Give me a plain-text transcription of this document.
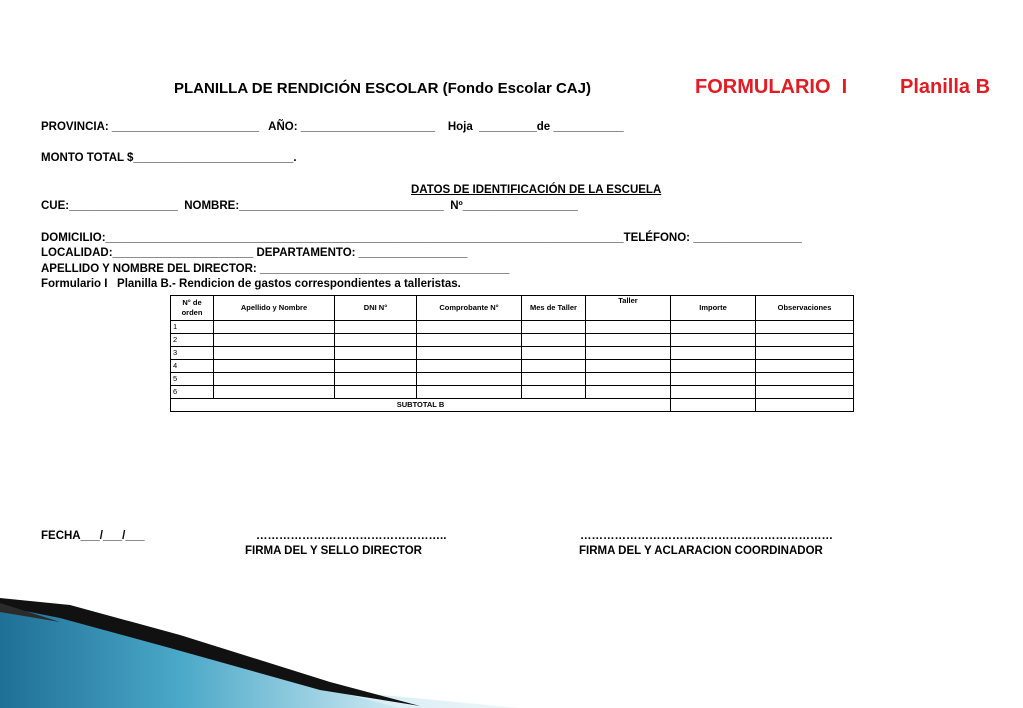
PLANILLA DE RENDICIÓN ESCOLAR (Fondo Escolar CAJ)	FORMULARIO  I	Planilla B
PROVINCIA: _______________________   AÑO: _____________________    Hoja  _________de ___________
MONTO TOTAL $_________________________.
DATOS DE IDENTIFICACIÓN DE LA ESCUELA
CUE:_________________  NOMBRE:________________________________  Nº__________________
DOMICILIO:_________________________________________________________________________________TELÉFONO: _________________
LOCALIDAD:______________________ DEPARTAMENTO: _________________
APELLIDO Y NOMBRE DEL DIRECTOR: _______________________________________
Formulario I   Planilla B.- Rendicion de gastos correspondientes a talleristas.
N° de orden	Apellido y Nombre	DNI N°	Comprobante N°	Mes de Taller	Taller	Importe	Observaciones
1							
2							
3							
4							
5							
6							
SUBTOTAL B							
FECHA___/___/___	…………………………………………..	…………………………………………………………
FIRMA DEL Y SELLO DIRECTOR	FIRMA DEL Y ACLARACION COORDINADOR
